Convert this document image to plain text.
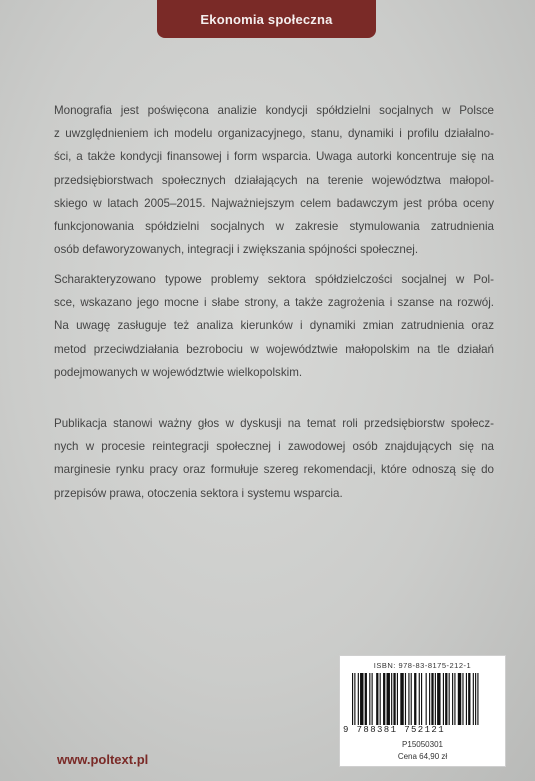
Ekonomia społeczna
Monografia jest poświęcona analizie kondycji spółdzielni socjalnych w Polsce
z uwzględnieniem ich modelu organizacyjnego, stanu, dynamiki i profilu działalno-
ści, a także kondycji finansowej i form wsparcia. Uwaga autorki koncentruje się na
przedsiębiorstwach społecznych działających na terenie województwa małopol-
skiego w latach 2005–2015. Najważniejszym celem badawczym jest próba oceny
funkcjonowania spółdzielni socjalnych w zakresie stymulowania zatrudnienia
osób defaworyzowanych, integracji i zwiększania spójności społecznej.
Scharakteryzowano typowe problemy sektora spółdzielczości socjalnej w Pol-
sce, wskazano jego mocne i słabe strony, a także zagrożenia i szanse na rozwój.
Na uwagę zasługuje też analiza kierunków i dynamiki zmian zatrudnienia oraz
metod przeciwdziałania bezrobociu w województwie małopolskim na tle działań
podejmowanych w województwie wielkopolskim.
Publikacja stanowi ważny głos w dyskusji na temat roli przedsiębiorstw społecz-
nych w procesie reintegracji społecznej i zawodowej osób znajdujących się na
marginesie rynku pracy oraz formułuje szereg rekomendacji, które odnoszą się do
przepisów prawa, otoczenia sektora i systemu wsparcia.
ISBN: 978-83-8175-212-1
9 788381 752121
P15050301
Cena 64,90 zł
www.poltext.pl
